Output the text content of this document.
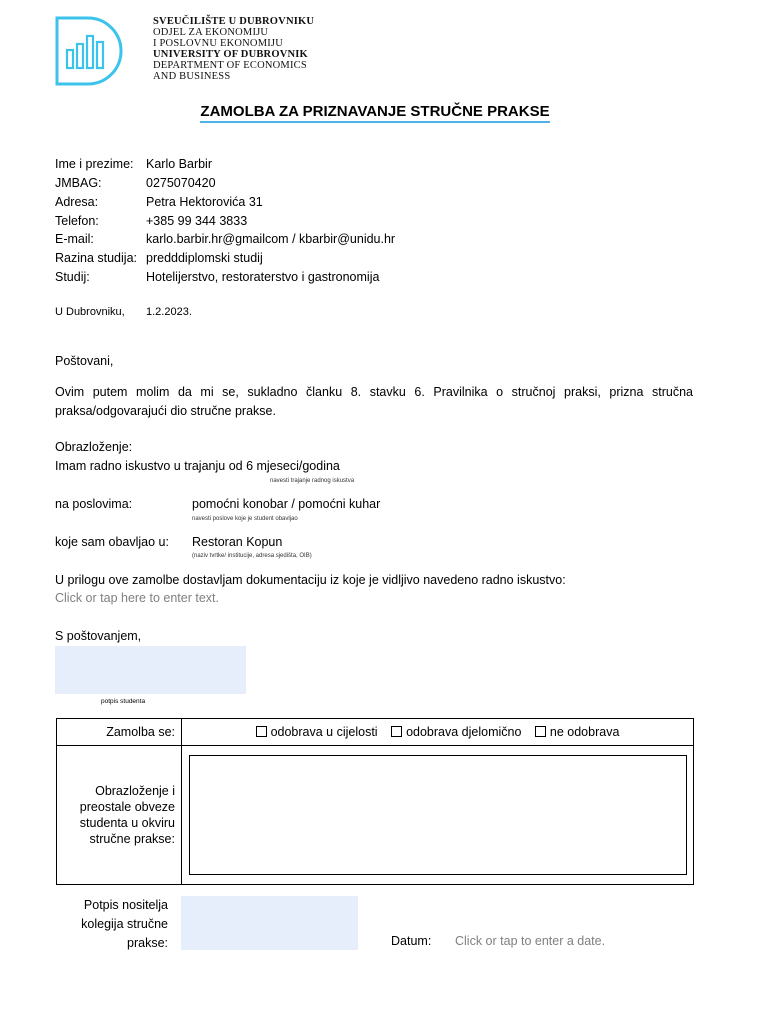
SVEUČILIŠTE U DUBROVNIKU
ODJEL ZA EKONOMIJU
I POSLOVNU EKONOMIJU
UNIVERSITY OF DUBROVNIK
DEPARTMENT OF ECONOMICS
AND BUSINESS
ZAMOLBA ZA PRIZNAVANJE STRUČNE PRAKSE
Ime i prezime: Karlo Barbir
JMBAG:	0275070420
Adresa:	Petra Hektorovića 31
Telefon:	+385 99 344 3833
E-mail:	karlo.barbir.hr@gmailcom / kbarbir@unidu.hr
Razina studija: predddiplomski studij
Studij:	Hotelijerstvo, restoraterstvo i gastronomija
U Dubrovniku, 1.2.2023.
Poštovani,
Ovim putem molim da mi se, sukladno članku 8. stavku 6. Pravilnika o stručnoj praksi, prizna stručna praksa/odgovarajući dio stručne prakse.
Obrazloženje:
Imam radno iskustvo u trajanju od 6 mjeseci/godina
navesti trajanje radnog iskustva
na poslovima:	pomoćni konobar / pomoćni kuhar
navesti poslove koje je student obavljao
koje sam obavljao u: Restoran Kopun
(naziv tvrtke/ institucije, adresa sjedišta, OIB)
U prilogu ove zamolbe dostavljam dokumentaciju iz koje je vidljivo navedeno radno iskustvo:
Click or tap here to enter text.
S poštovanjem,
potpis studenta
Zamolba se:	odobrava u cijelosti odobrava djelomično ne odobrava
Obrazloženje i preostale obveze studenta u okviru stručne prakse:	
Potpis nositelja kolegija stručne prakse:	Datum: Click or tap to enter a date.
